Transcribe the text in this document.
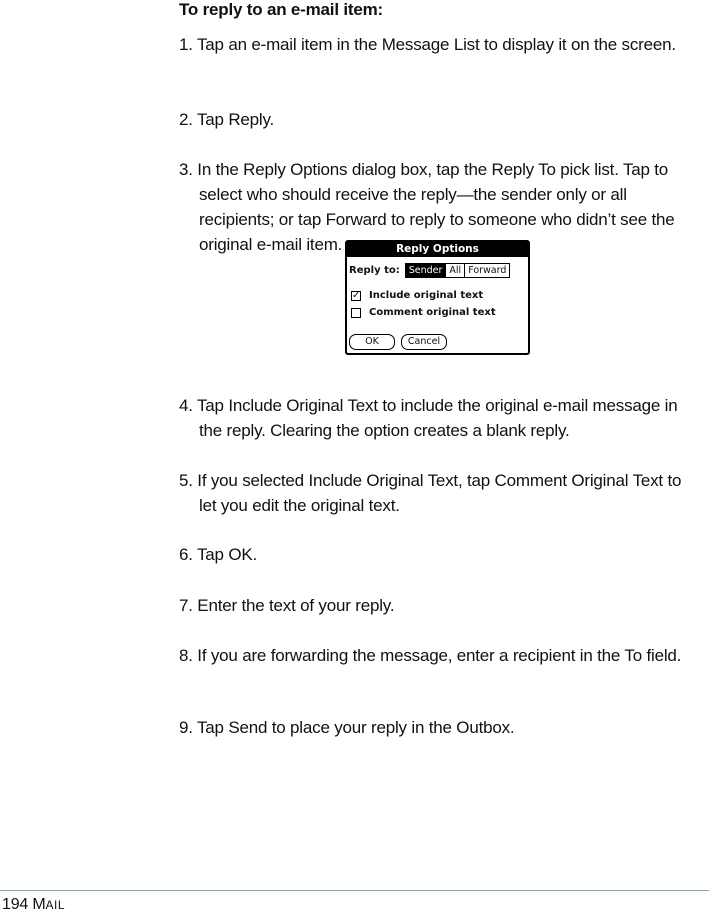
To reply to an e-mail item:
1. Tap an e-mail item in the Message List to display it on the screen.
2. Tap Reply.
3. In the Reply Options dialog box, tap the Reply To pick list. Tap to select who should receive the reply—the sender only or all recipients; or tap Forward to reply to someone who didn’t see the original e-mail item.	Reply Options
Reply to: Sender All Forward
✓ Include original text
Comment original text
OK	Cancel
4. Tap Include Original Text to include the original e-mail message in the reply. Clearing the option creates a blank reply.
5. If you selected Include Original Text, tap Comment Original Text to let you edit the original text.
6. Tap OK.
7. Enter the text of your reply.
8. If you are forwarding the message, enter a recipient in the To field.
9. Tap Send to place your reply in the Outbox.
194 MAIL
